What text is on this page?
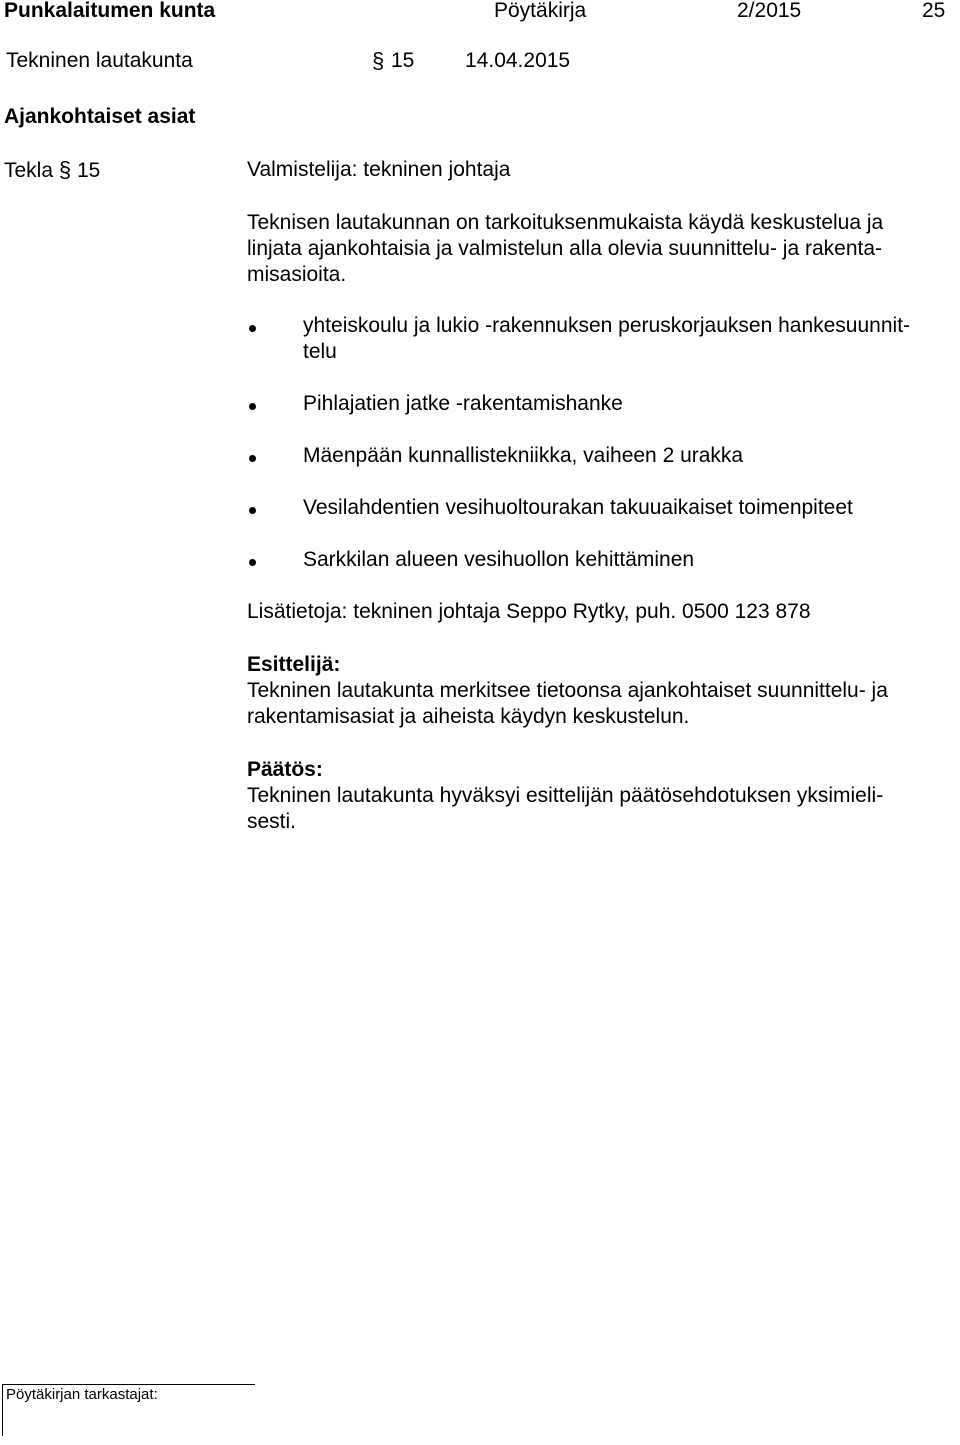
Punkalaitumen kunta	Pöytäkirja	2/2015	25
Tekninen lautakunta	§ 15 14.04.2015
Ajankohtaiset asiat
Tekla § 15	Valmistelija: tekninen johtaja
Teknisen lautakunnan on tarkoituksenmukaista käydä keskustelua ja
linjata ajankohtaisia ja valmistelun alla olevia suunnittelu- ja rakenta-
misasioita.
yhteiskoulu ja lukio -rakennuksen peruskorjauksen hankesuunnit-
telu
Pihlajatien jatke -rakentamishanke
Mäenpään kunnallistekniikka, vaiheen 2 urakka
Vesilahdentien vesihuoltourakan takuuaikaiset toimenpiteet
Sarkkilan alueen vesihuollon kehittäminen
Lisätietoja: tekninen johtaja Seppo Rytky, puh. 0500 123 878
Esittelijä:
Tekninen lautakunta merkitsee tietoonsa ajankohtaiset suunnittelu- ja
rakentamisasiat ja aiheista käydyn keskustelun.
Päätös:
Tekninen lautakunta hyväksyi esittelijän päätösehdotuksen yksimieli-
sesti.
Pöytäkirjan tarkastajat:
